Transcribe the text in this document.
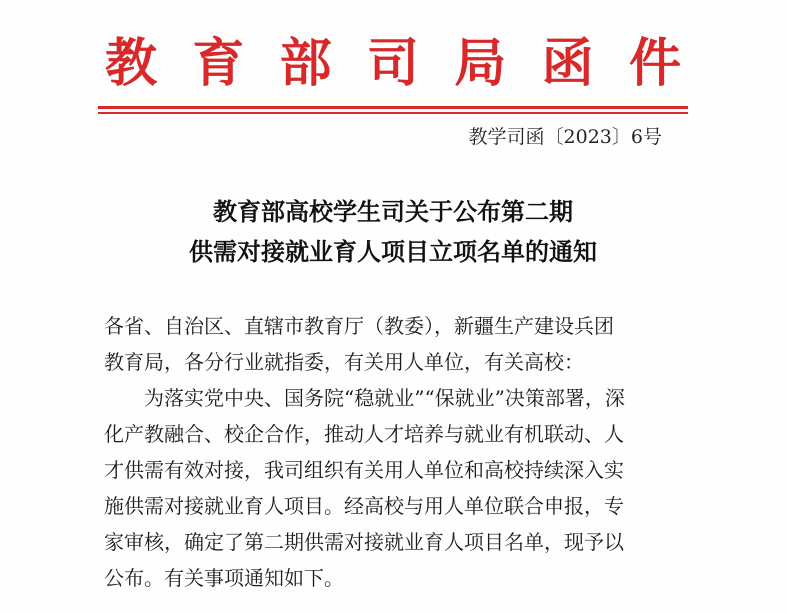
教 育 部 司 局 函 件
教学司函〔2023〕6号
教育部高校学生司关于公布第二期
供需对接就业育人项目立项名单的通知
各省、自治区、直辖市教育厅（教委），新疆生产建设兵团
教育局，各分行业就指委，有关用人单位，有关高校：
为落实党中央、国务院“稳就业”“保就业”决策部署，深
化产教融合、校企合作，推动人才培养与就业有机联动、人
才供需有效对接，我司组织有关用人单位和高校持续深入实
施供需对接就业育人项目。经高校与用人单位联合申报，专
家审核，确定了第二期供需对接就业育人项目名单，现予以
公布。有关事项通知如下。
